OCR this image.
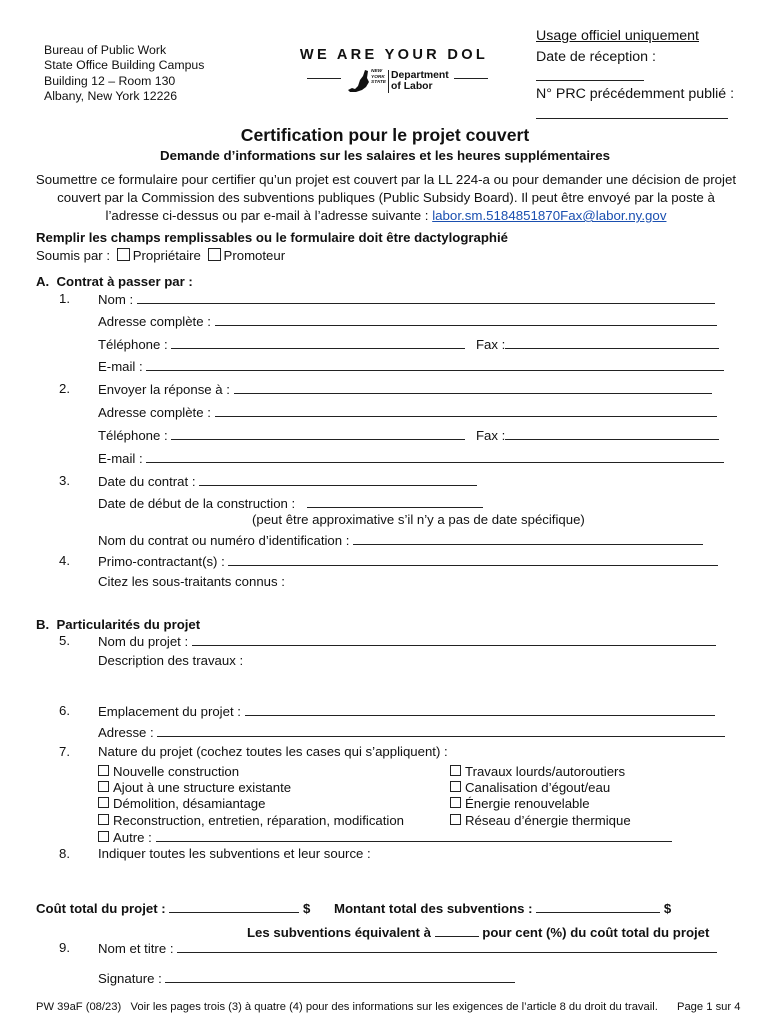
Bureau of Public Work
State Office Building Campus
Building 12 – Room 130
Albany, New York 12226
WE ARE YOUR DOL
NEW
YORK
STATE
Department
of Labor
Usage officiel uniquement
Date de réception :
N° PRC précédemment publié :
Certification pour le projet couvert
Demande d’informations sur les salaires et les heures supplémentaires
Soumettre ce formulaire pour certifier qu’un projet est couvert par la LL 224-a ou pour demander une décision de projet couvert par la Commission des subventions publiques (Public Subsidy Board). Il peut être envoyé par la poste à l’adresse ci-dessus ou par e-mail à l’adresse suivante : labor.sm.5184851870Fax@labor.ny.gov
Remplir les champs remplissables ou le formulaire doit être dactylographié
Soumis par : Propriétaire Promoteur
A.  Contrat à passer par :
1. Nom :
Adresse complète :
Téléphone :	Fax :
E-mail :
2. Envoyer la réponse à :
Adresse complète :
Téléphone :	Fax :
E-mail :
3. Date du contrat :
Date de début de la construction :
(peut être approximative s’il n’y a pas de date spécifique)
Nom du contrat ou numéro d’identification :
4. Primo-contractant(s) :
Citez les sous-traitants connus :
B.  Particularités du projet
5. Nom du projet :
Description des travaux :
6. Emplacement du projet :
Adresse :
7. Nature du projet (cochez toutes les cases qui s’appliquent) :
Nouvelle construction
Ajout à une structure existante
Démolition, désamiantage
Reconstruction, entretien, réparation, modification
Travaux lourds/autoroutiers
Canalisation d’égout/eau
Énergie renouvelable
Réseau d’énergie thermique
Autre :
8. Indiquer toutes les subventions et leur source :
Coût total du projet :	$ Montant total des subventions :	$
Les subventions équivalent à	pour cent (%) du coût total du projet
9. Nom et titre :
Signature :
PW 39aF (08/23) Voir les pages trois (3) à quatre (4) pour des informations sur les exigences de l’article 8 du droit du travail. Page 1 sur 4
